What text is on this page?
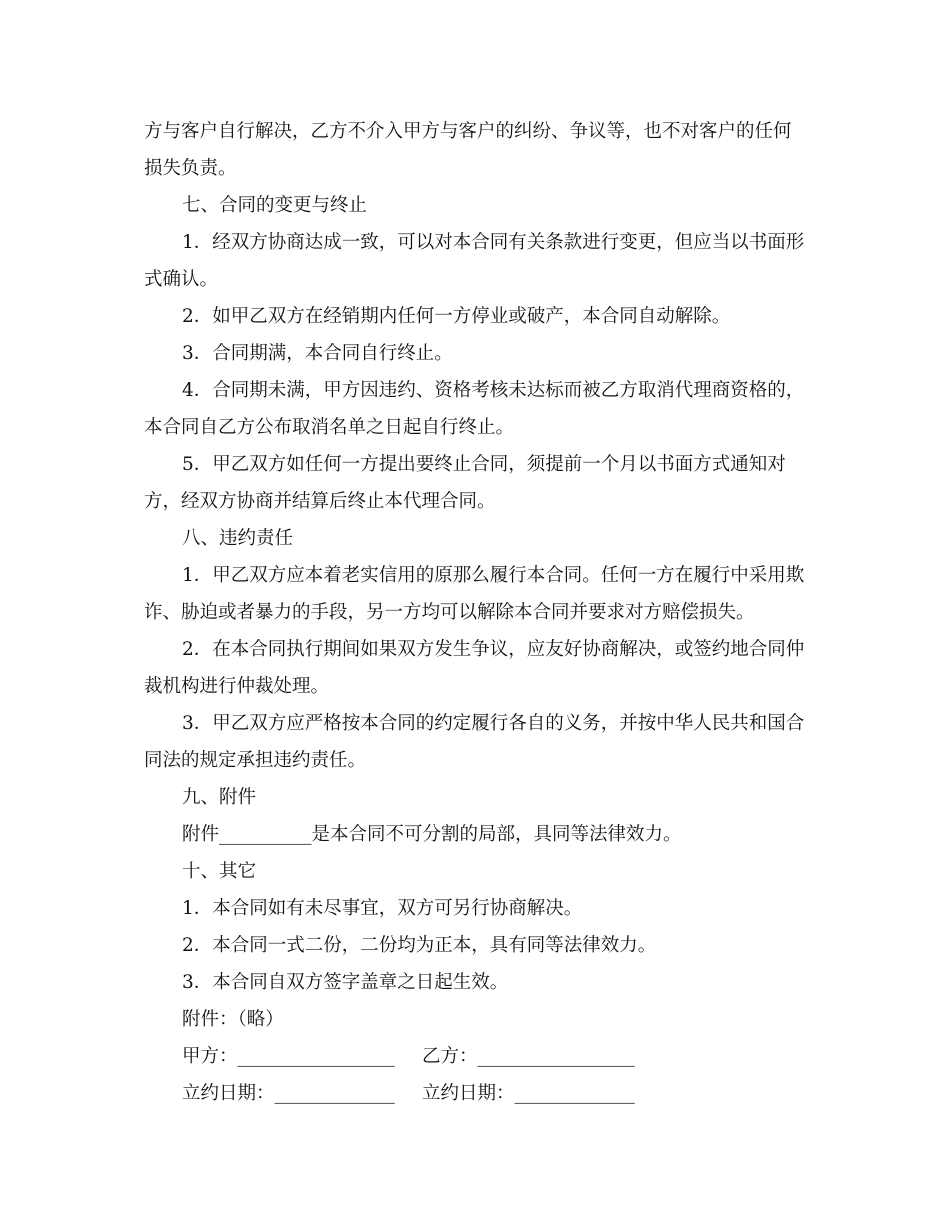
方与客户自行解决，乙方不介入甲方与客户的纠纷、争议等，也不对客户的任何
损失负责。
七、合同的变更与终止
1．经双方协商达成一致，可以对本合同有关条款进行变更，但应当以书面形
式确认。
2．如甲乙双方在经销期内任何一方停业或破产，本合同自动解除。
3．合同期满，本合同自行终止。
4．合同期未满，甲方因违约、资格考核未达标而被乙方取消代理商资格的，
本合同自乙方公布取消名单之日起自行终止。
5．甲乙双方如任何一方提出要终止合同，须提前一个月以书面方式通知对
方，经双方协商并结算后终止本代理合同。
八、违约责任
1．甲乙双方应本着老实信用的原那么履行本合同。任何一方在履行中采用欺
诈、胁迫或者暴力的手段，另一方均可以解除本合同并要求对方赔偿损失。
2．在本合同执行期间如果双方发生争议，应友好协商解决，或签约地合同仲
裁机构进行仲裁处理。
3．甲乙双方应严格按本合同的约定履行各自的义务，并按中华人民共和国合
同法的规定承担违约责任。
九、附件
附件__________是本合同不可分割的局部，具同等法律效力。
十、其它
1．本合同如有未尽事宜，双方可另行协商解决。
2．本合同一式二份，二份均为正本，具有同等法律效力。
3．本合同自双方签字盖章之日起生效。
附件：（略）
甲方：_________________ 乙方：_________________
立约日期：_____________ 立约日期：_____________
